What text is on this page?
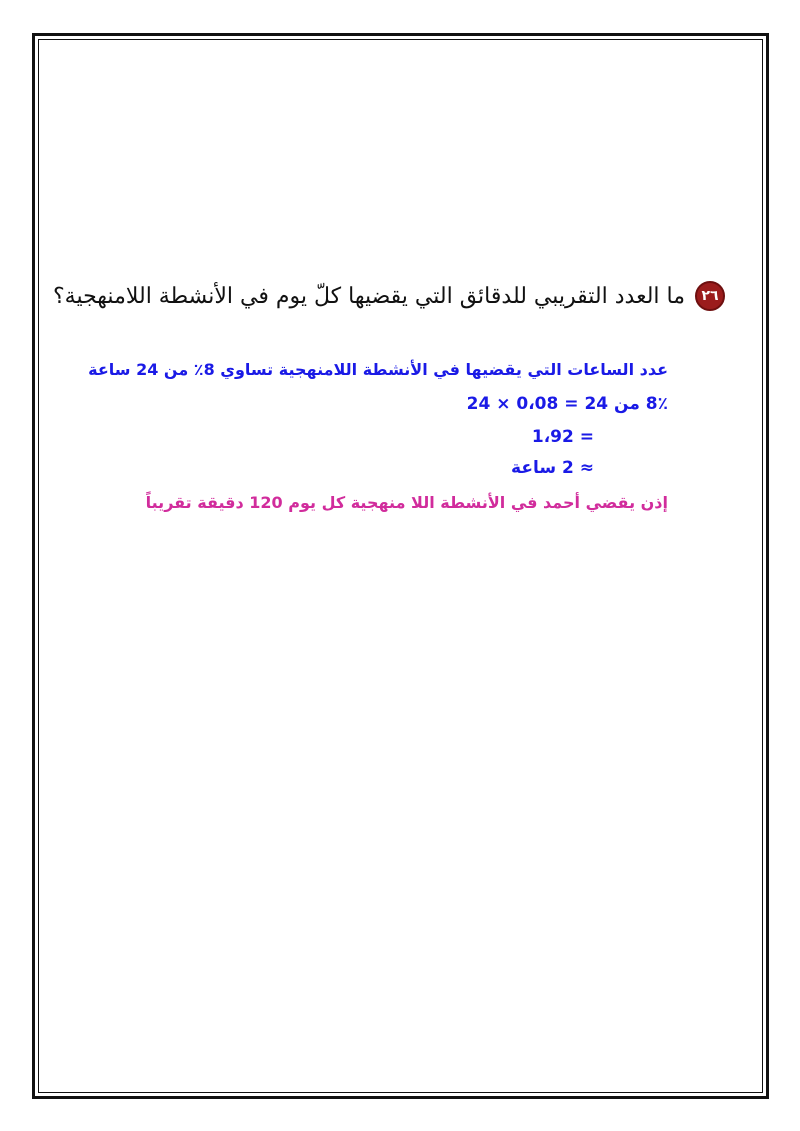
٢٦
ما العدد التقريبي للدقائق التي يقضيها كلّ يوم في الأنشطة اللامنهجية؟
عدد الساعات التي يقضيها في الأنشطة اللامنهجية تساوي 8٪ من 24 ساعة
8٪ من 24 = 0،08 × 24
= 1،92
≈ 2 ساعة
إذن يقضي أحمد في الأنشطة اللا منهجية كل يوم 120 دقيقة تقريباً
